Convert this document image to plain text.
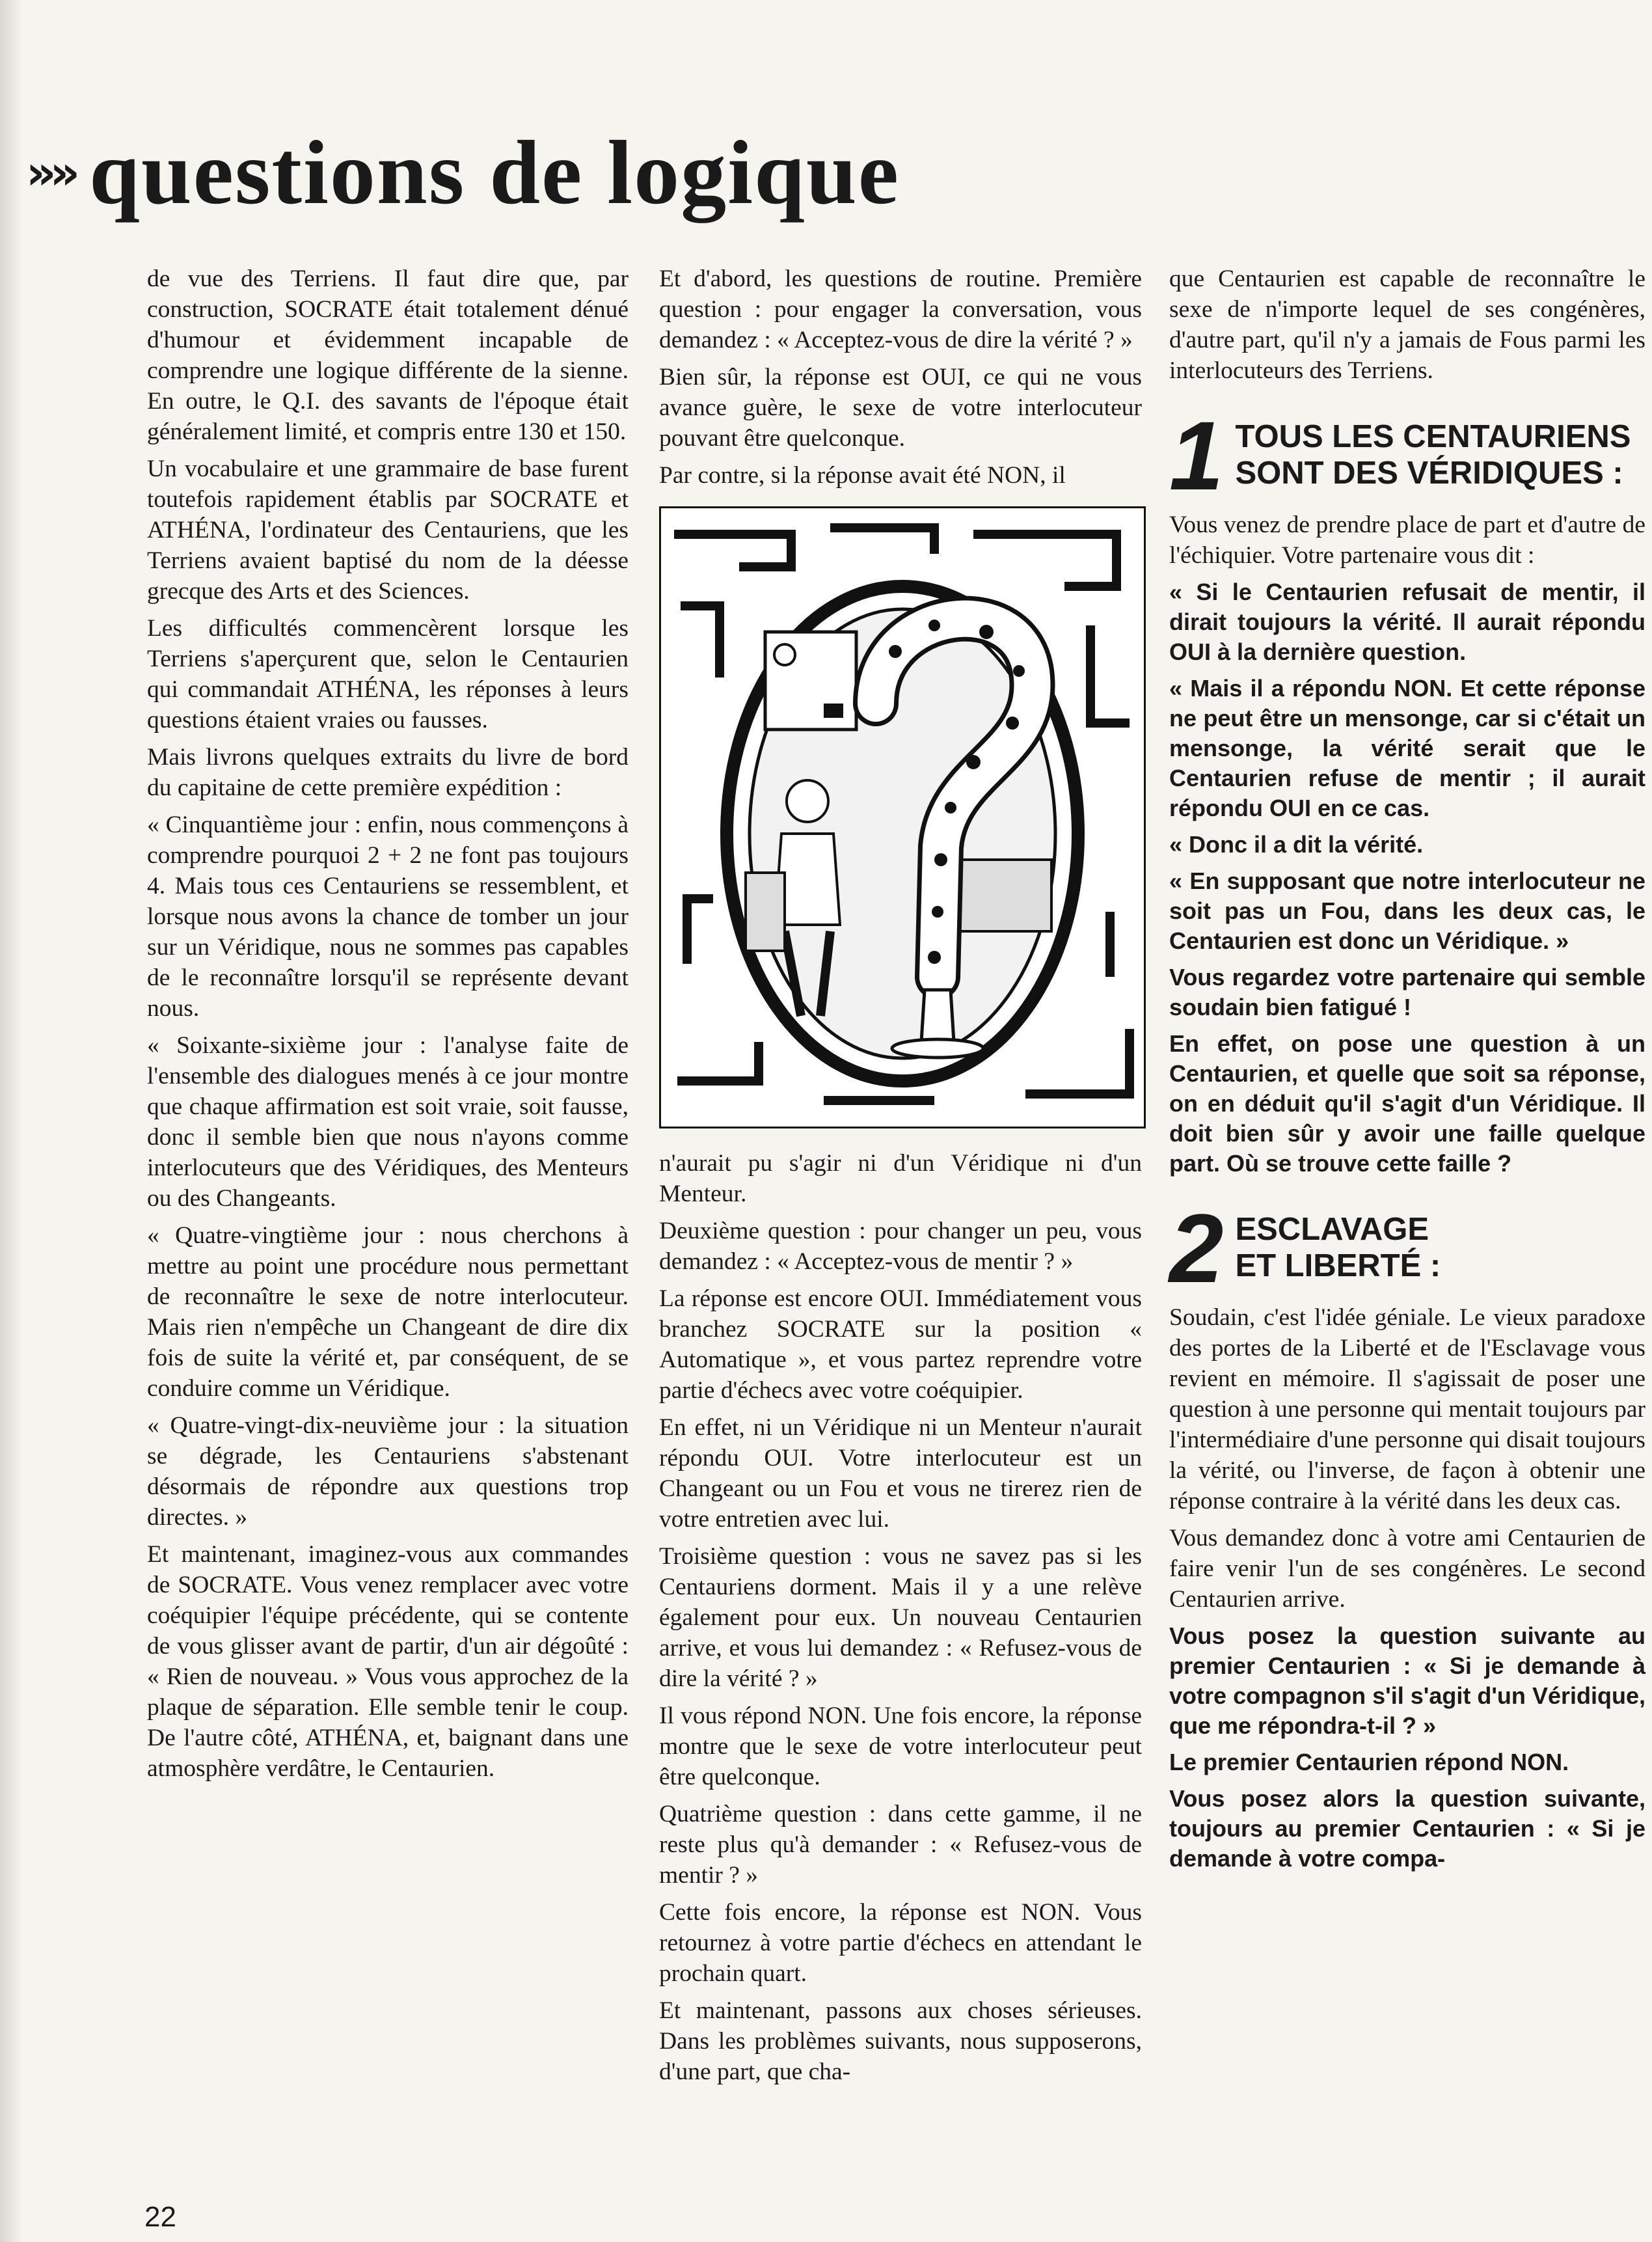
»» questions de logique

de vue des Terriens. Il faut dire que, par construction, SOCRATE était totalement dénué d'humour et évidemment incapable de comprendre une logique différente de la sienne. En outre, le Q.I. des savants de l'époque était généralement limité, et compris entre 130 et 150.

Un vocabulaire et une grammaire de base furent toutefois rapidement établis par SOCRATE et ATHÉNA, l'ordinateur des Centauriens, que les Terriens avaient baptisé du nom de la déesse grecque des Arts et des Sciences.

Les difficultés commencèrent lorsque les Terriens s'aperçurent que, selon le Centaurien qui commandait ATHÉNA, les réponses à leurs questions étaient vraies ou fausses.

Mais livrons quelques extraits du livre de bord du capitaine de cette première expédition :

« Cinquantième jour : enfin, nous commençons à comprendre pourquoi 2 + 2 ne font pas toujours 4. Mais tous ces Centauriens se ressemblent, et lorsque nous avons la chance de tomber un jour sur un Véridique, nous ne sommes pas capables de le reconnaître lorsqu'il se représente devant nous.

« Soixante-sixième jour : l'analyse faite de l'ensemble des dialogues menés à ce jour montre que chaque affirmation est soit vraie, soit fausse, donc il semble bien que nous n'ayons comme interlocuteurs que des Véridiques, des Menteurs ou des Changeants.

« Quatre-vingtième jour : nous cherchons à mettre au point une procédure nous permettant de reconnaître le sexe de notre interlocuteur. Mais rien n'empêche un Changeant de dire dix fois de suite la vérité et, par conséquent, de se conduire comme un Véridique.

« Quatre-vingt-dix-neuvième jour : la situation se dégrade, les Centauriens s'abstenant désormais de répondre aux questions trop directes. »

Et maintenant, imaginez-vous aux commandes de SOCRATE. Vous venez remplacer avec votre coéquipier l'équipe précédente, qui se contente de vous glisser avant de partir, d'un air dégoûté : « Rien de nouveau. » Vous vous approchez de la plaque de séparation. Elle semble tenir le coup. De l'autre côté, ATHÉNA, et, baignant dans une atmosphère verdâtre, le Centaurien.

Et d'abord, les questions de routine. Première question : pour engager la conversation, vous demandez : « Acceptez-vous de dire la vérité ? »

Bien sûr, la réponse est OUI, ce qui ne vous avance guère, le sexe de votre interlocuteur pouvant être quelconque.

Par contre, si la réponse avait été NON, il

n'aurait pu s'agir ni d'un Véridique ni d'un Menteur.

Deuxième question : pour changer un peu, vous demandez : « Acceptez-vous de mentir ? »

La réponse est encore OUI. Immédiatement vous branchez SOCRATE sur la position « Automatique », et vous partez reprendre votre partie d'échecs avec votre coéquipier.

En effet, ni un Véridique ni un Menteur n'aurait répondu OUI. Votre interlocuteur est un Changeant ou un Fou et vous ne tirerez rien de votre entretien avec lui.

Troisième question : vous ne savez pas si les Centauriens dorment. Mais il y a une relève également pour eux. Un nouveau Centaurien arrive, et vous lui demandez : « Refusez-vous de dire la vérité ? »

Il vous répond NON. Une fois encore, la réponse montre que le sexe de votre interlocuteur peut être quelconque.

Quatrième question : dans cette gamme, il ne reste plus qu'à demander : « Refusez-vous de mentir ? »

Cette fois encore, la réponse est NON. Vous retournez à votre partie d'échecs en attendant le prochain quart.

Et maintenant, passons aux choses sérieuses. Dans les problèmes suivants, nous supposerons, d'une part, que cha-

que Centaurien est capable de reconnaître le sexe de n'importe lequel de ses congénères, d'autre part, qu'il n'y a jamais de Fous parmi les interlocuteurs des Terriens.

1 TOUS LES CENTAURIENS
SONT DES VÉRIDIQUES :

Vous venez de prendre place de part et d'autre de l'échiquier. Votre partenaire vous dit :

« Si le Centaurien refusait de mentir, il dirait toujours la vérité. Il aurait répondu OUI à la dernière question.

« Mais il a répondu NON. Et cette réponse ne peut être un mensonge, car si c'était un mensonge, la vérité serait que le Centaurien refuse de mentir ; il aurait répondu OUI en ce cas.

« Donc il a dit la vérité.

« En supposant que notre interlocuteur ne soit pas un Fou, dans les deux cas, le Centaurien est donc un Véridique. »

Vous regardez votre partenaire qui semble soudain bien fatigué !

En effet, on pose une question à un Centaurien, et quelle que soit sa réponse, on en déduit qu'il s'agit d'un Véridique. Il doit bien sûr y avoir une faille quelque part. Où se trouve cette faille ?

2 ESCLAVAGE
ET LIBERTÉ :

Soudain, c'est l'idée géniale. Le vieux paradoxe des portes de la Liberté et de l'Esclavage vous revient en mémoire. Il s'agissait de poser une question à une personne qui mentait toujours par l'intermédiaire d'une personne qui disait toujours la vérité, ou l'inverse, de façon à obtenir une réponse contraire à la vérité dans les deux cas.

Vous demandez donc à votre ami Centaurien de faire venir l'un de ses congénères. Le second Centaurien arrive.

Vous posez la question suivante au premier Centaurien : « Si je demande à votre compagnon s'il s'agit d'un Véridique, que me répondra-t-il ? »

Le premier Centaurien répond NON.

Vous posez alors la question suivante, toujours au premier Centaurien : « Si je demande à votre compa-

22
